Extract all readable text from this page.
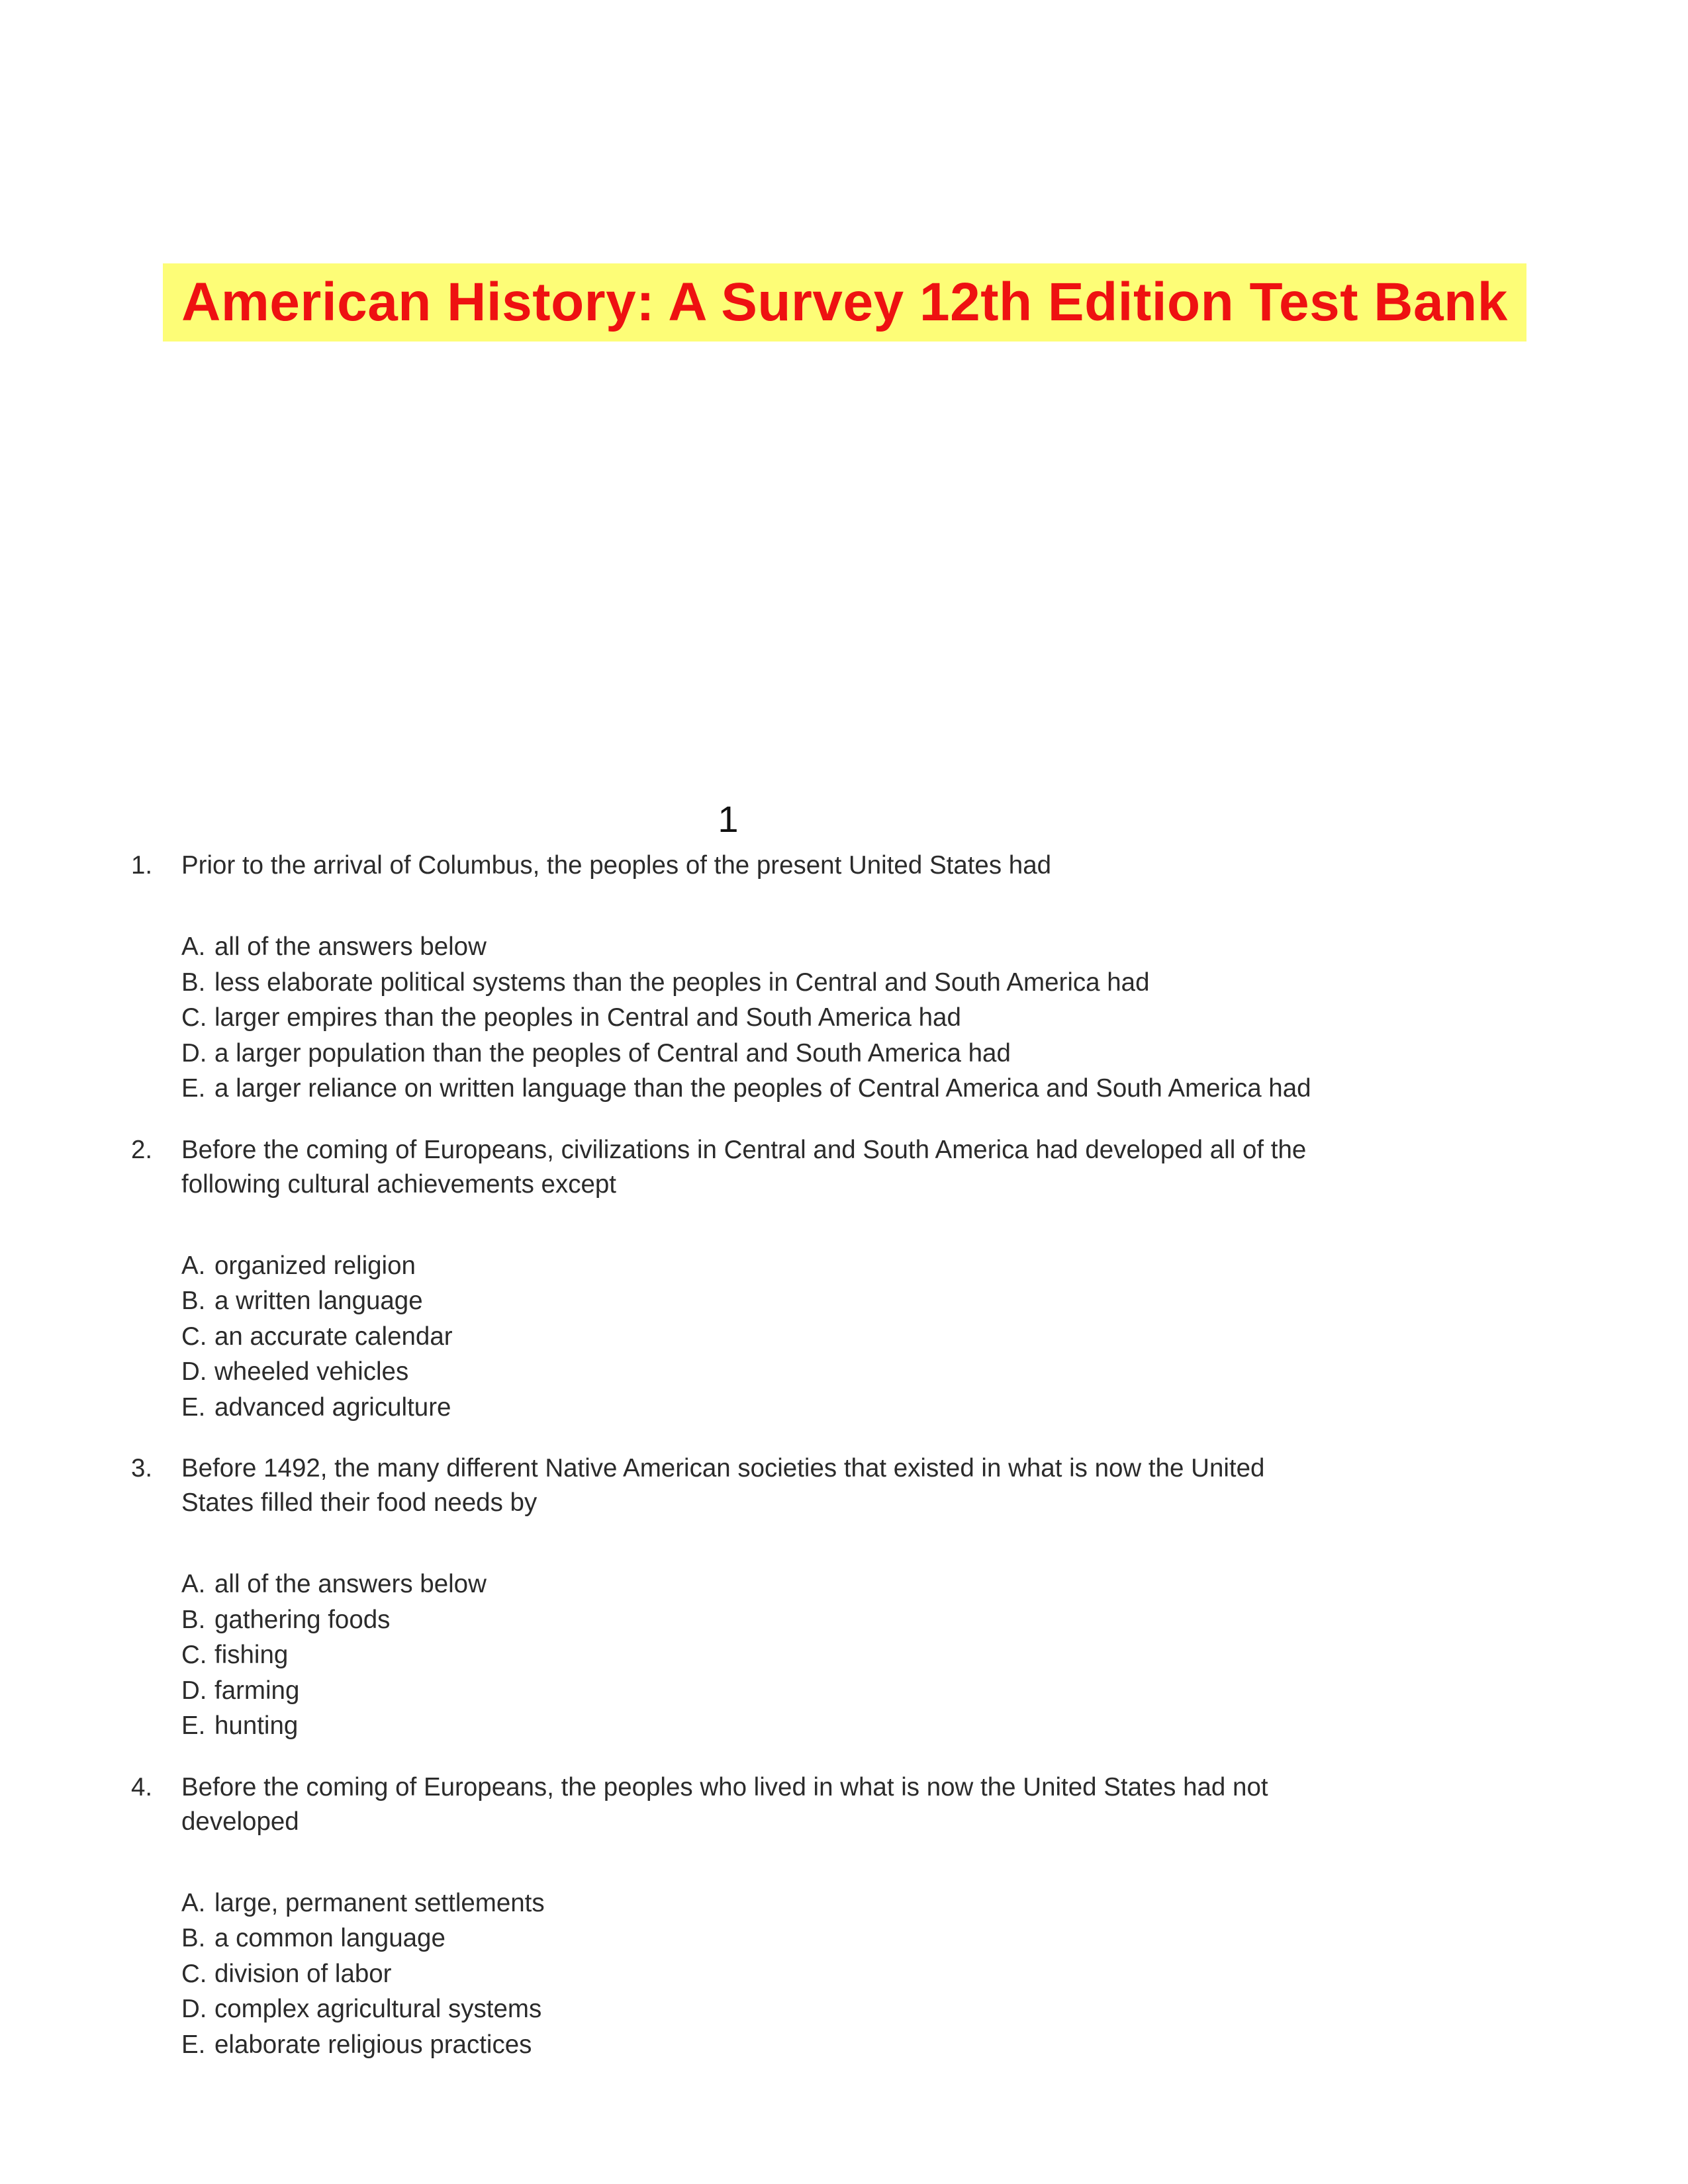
American History: A Survey 12th Edition Test Bank
1
1.	Prior to the arrival of Columbus, the peoples of the present United States had
A. all of the answers below
B. less elaborate political systems than the peoples in Central and South America had
C. larger empires than the peoples in Central and South America had
D. a larger population than the peoples of Central and South America had
E. a larger reliance on written language than the peoples of Central America and South America had
2.	Before the coming of Europeans, civilizations in Central and South America had developed all of the following cultural achievements except
A. organized religion
B. a written language
C. an accurate calendar
D. wheeled vehicles
E. advanced agriculture
3.	Before 1492, the many different Native American societies that existed in what is now the United States filled their food needs by
A. all of the answers below
B. gathering foods
C. fishing
D. farming
E. hunting
4.	Before the coming of Europeans, the peoples who lived in what is now the United States had not developed
A. large, permanent settlements
B. a common language
C. division of labor
D. complex agricultural systems
E. elaborate religious practices
